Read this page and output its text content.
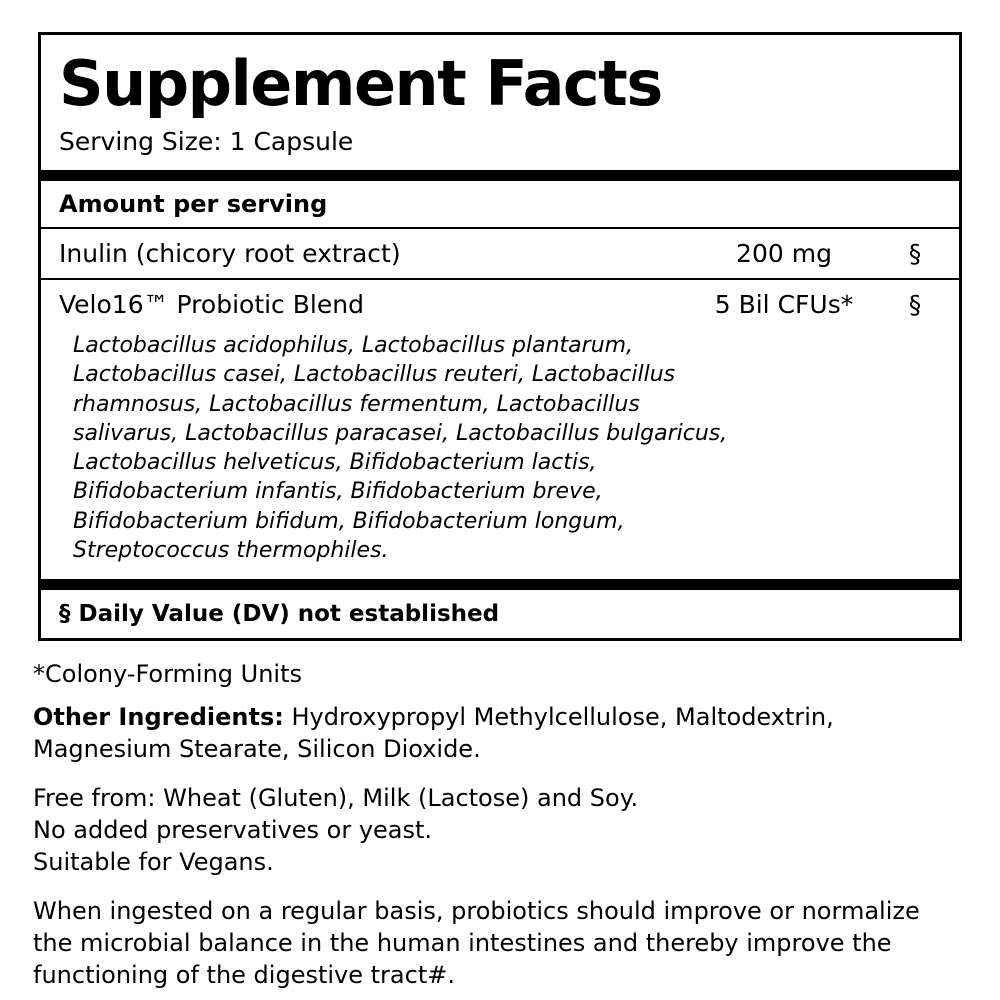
Supplement Facts
Serving Size: 1 Capsule
Amount per serving
Inulin (chicory root extract)	200 mg	§
Velo16™ Probiotic Blend	5 Bil CFUs*	§
Lactobacillus acidophilus, Lactobacillus plantarum, Lactobacillus casei, Lactobacillus reuteri, Lactobacillus rhamnosus, Lactobacillus fermentum, Lactobacillus salivarus, Lactobacillus paracasei, Lactobacillus bulgaricus, Lactobacillus helveticus, Bifidobacterium lactis, Bifidobacterium infantis, Bifidobacterium breve, Bifidobacterium bifidum, Bifidobacterium longum, Streptococcus thermophiles.
§ Daily Value (DV) not established
*Colony-Forming Units
Other Ingredients: Hydroxypropyl Methylcellulose, Maltodextrin, Magnesium Stearate, Silicon Dioxide.
Free from: Wheat (Gluten), Milk (Lactose) and Soy.
No added preservatives or yeast.
Suitable for Vegans.
When ingested on a regular basis, probiotics should improve or normalize the microbial balance in the human intestines and thereby improve the functioning of the digestive tract#.
